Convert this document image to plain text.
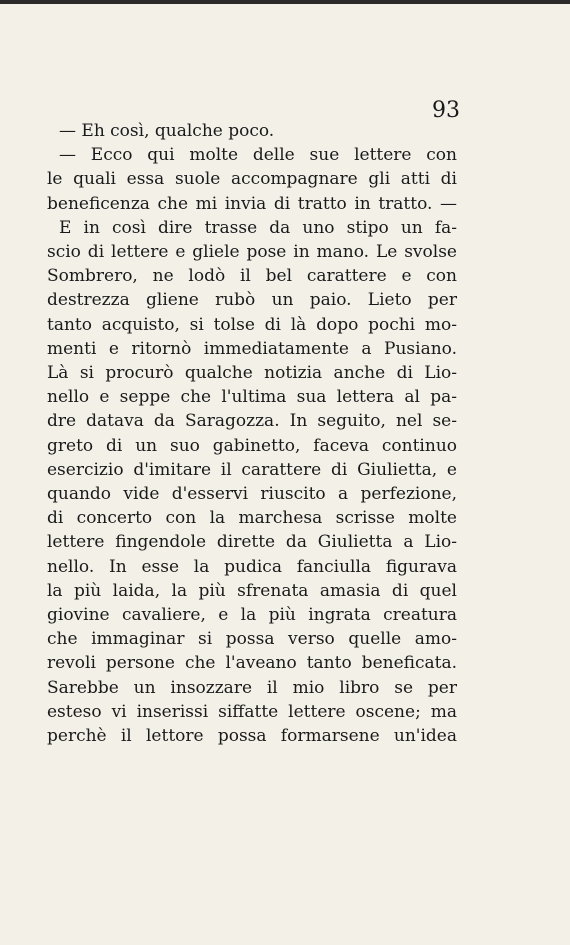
93
— Eh così, qualche poco.
— Ecco qui molte delle sue lettere con
le quali essa suole accompagnare gli atti di
beneficenza che mi invia di tratto in tratto. —
E in così dire trasse da uno stipo un fa-
scio di lettere e gliele pose in mano. Le svolse
Sombrero, ne lodò il bel carattere e con
destrezza gliene rubò un paio. Lieto per
tanto acquisto, si tolse di là dopo pochi mo-
menti e ritornò immediatamente a Pusiano.
Là si procurò qualche notizia anche di Lio-
nello e seppe che l'ultima sua lettera al pa-
dre datava da Saragozza. In seguito, nel se-
greto di un suo gabinetto, faceva continuo
esercizio d'imitare il carattere di Giulietta, e
quando vide d'esservi riuscito a perfezione,
di concerto con la marchesa scrisse molte
lettere fingendole dirette da Giulietta a Lio-
nello. In esse la pudica fanciulla figurava
la più laida, la più sfrenata amasia di quel
giovine cavaliere, e la più ingrata creatura
che immaginar si possa verso quelle amo-
revoli persone che l'aveano tanto beneficata.
Sarebbe un insozzare il mio libro se per
esteso vi inserissi siffatte lettere oscene; ma
perchè il lettore possa formarsene un'idea
